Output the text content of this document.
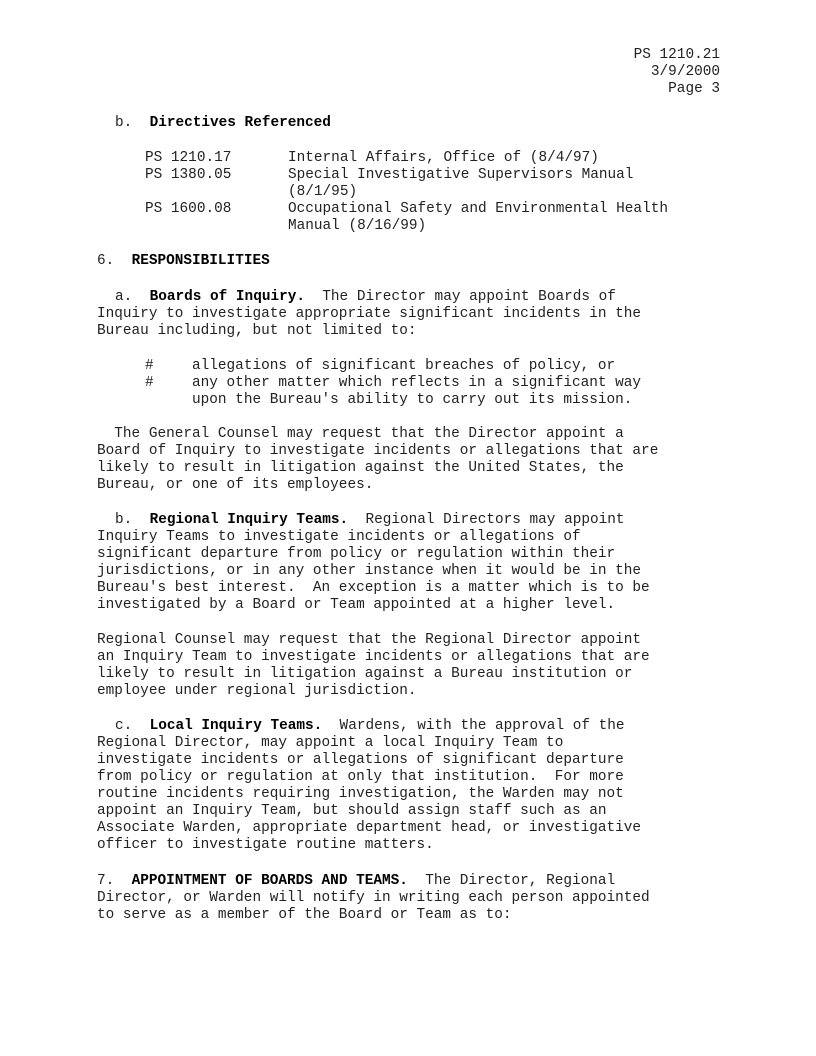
PS 1210.21
3/9/2000
Page 3
b. Directives Referenced
PS 1210.17	Internal Affairs, Office of (8/4/97)
PS 1380.05	Special Investigative Supervisors Manual
(8/1/95)
PS 1600.08	Occupational Safety and Environmental Health
Manual (8/16/99)
6. RESPONSIBILITIES
a. Boards of Inquiry.  The Director may appoint Boards of
Inquiry to investigate appropriate significant incidents in the
Bureau including, but not limited to:
#	allegations of significant breaches of policy, or
#	any other matter which reflects in a significant way
upon the Bureau's ability to carry out its mission.
The General Counsel may request that the Director appoint a
Board of Inquiry to investigate incidents or allegations that are
likely to result in litigation against the United States, the
Bureau, or one of its employees.
b. Regional Inquiry Teams.  Regional Directors may appoint
Inquiry Teams to investigate incidents or allegations of
significant departure from policy or regulation within their
jurisdictions, or in any other instance when it would be in the
Bureau's best interest.  An exception is a matter which is to be
investigated by a Board or Team appointed at a higher level.
Regional Counsel may request that the Regional Director appoint
an Inquiry Team to investigate incidents or allegations that are
likely to result in litigation against a Bureau institution or
employee under regional jurisdiction.
c. Local Inquiry Teams.  Wardens, with the approval of the
Regional Director, may appoint a local Inquiry Team to
investigate incidents or allegations of significant departure
from policy or regulation at only that institution.  For more
routine incidents requiring investigation, the Warden may not
appoint an Inquiry Team, but should assign staff such as an
Associate Warden, appropriate department head, or investigative
officer to investigate routine matters.
7. APPOINTMENT OF BOARDS AND TEAMS.  The Director, Regional
Director, or Warden will notify in writing each person appointed
to serve as a member of the Board or Team as to:
